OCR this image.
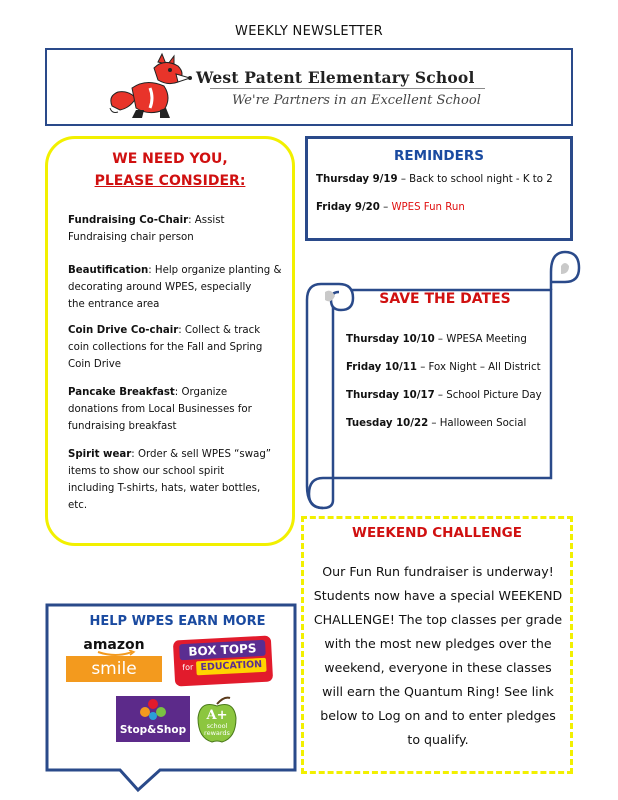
WEEKLY NEWSLETTER
West Patent Elementary School
We're Partners in an Excellent School
WE NEED YOU,
PLEASE CONSIDER:
Fundraising Co-Chair: Assist
Fundraising chair person
Beautification: Help organize planting &
decorating around WPES, especially
the entrance area
Coin Drive Co-chair: Collect & track
coin collections for the Fall and Spring
Coin Drive
Pancake Breakfast: Organize
donations from Local Businesses for
fundraising breakfast
Spirit wear: Order & sell WPES “swag”
items to show our school spirit
including T-shirts, hats, water bottles,
etc.
REMINDERS
Thursday 9/19 – Back to school night - K to 2
Friday 9/20 – WPES Fun Run
SAVE THE DATES
Thursday 10/10 – WPESA Meeting
Friday 10/11 – Fox Night – All District
Thursday 10/17 – School Picture Day
Tuesday 10/22 – Halloween Social
WEEKEND CHALLENGE
Our Fun Run fundraiser is underway! Students now have a special WEEKEND CHALLENGE! The top classes per grade with the most new pledges over the weekend, everyone in these classes will earn the Quantum Ring! See link below to Log on and to enter pledges to qualify.
HELP WPES EARN MORE
amazon
smile
BOX TOPS
for EDUCATION
Stop&Shop
A+
school
rewards
